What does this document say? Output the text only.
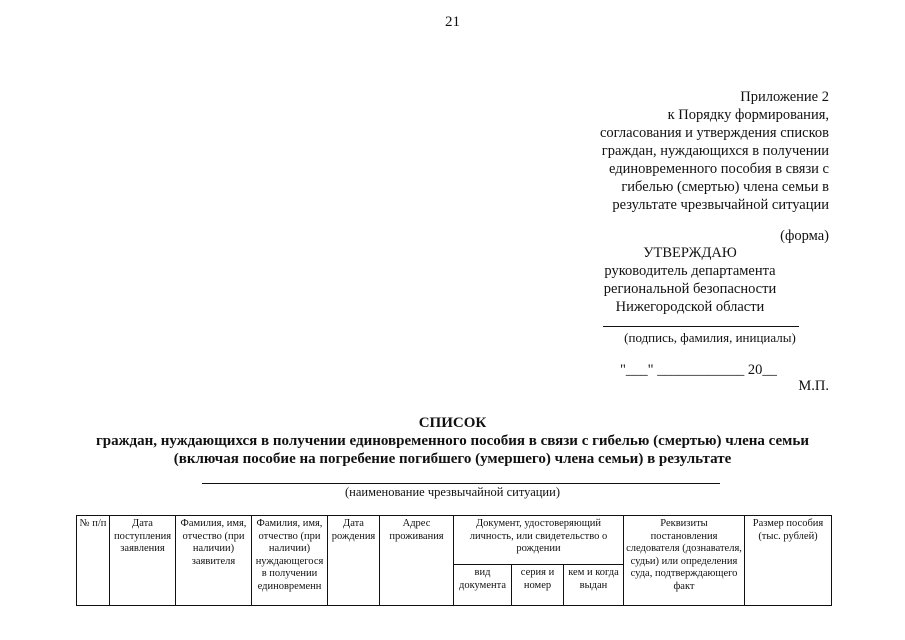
21
Приложение 2
к Порядку формирования,
согласования и утверждения списков
граждан, нуждающихся в получении
единовременного пособия в связи с
гибелью (смертью) члена семьи в
результате чрезвычайной ситуации
(форма)
УТВЕРЖДАЮ
руководитель департамента
региональной безопасности
Нижегородской области
(подпись, фамилия, инициалы)
"___" ____________ 20__
М.П.
СПИСОК
граждан, нуждающихся в получении единовременного пособия в связи с гибелью (смертью) члена семьи
(включая пособие на погребение погибшего (умершего) члена семьи) в результате
(наименование чрезвычайной ситуации)
№ п/п	Дата поступления заявления	Фамилия, имя, отчество (при наличии) заявителя	Фамилия, имя, отчество (при наличии) нуждающегося в получении единовременн	Дата рождения	Адрес проживания	Документ, удостоверяющий личность, или свидетельство о рождении			Реквизиты постановления следователя (дознавателя, судьи) или определения суда, подтверждающего факт	Размер пособия (тыс. рублей)
						вид документа	серия и номер	кем и когда выдан		
